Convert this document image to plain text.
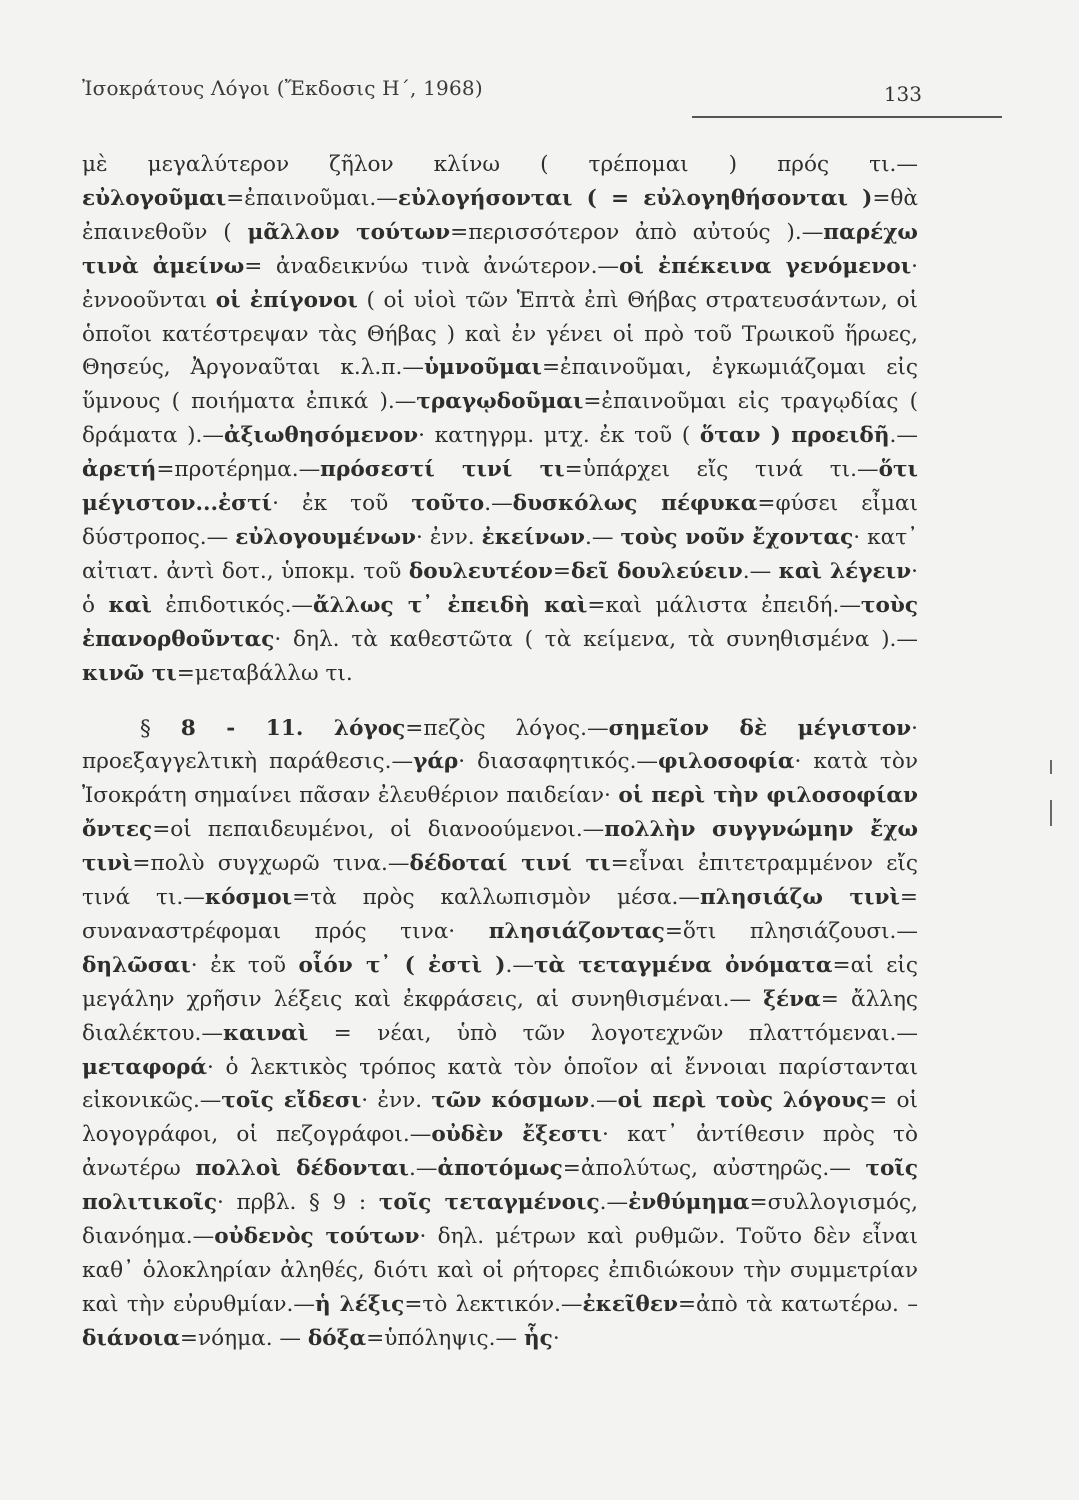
Ἰσοκράτους Λόγοι (Ἔκδοσις Η΄, 1968)	133

μὲ μεγαλύτερον ζῆλον κλίνω ( τρέπομαι ) πρός τι.—εὐλογοῦμαι=ἐπαινοῦμαι.—εὐλογήσονται ( = εὐλογηθήσονται )=θὰ ἐπαινεθοῦν ( μᾶλλον τούτων=περισσότερον ἀπὸ αὐτούς ).—παρέχω τινὰ ἀμείνω= ἀναδεικνύω τινὰ ἀνώτερον.—οἱ ἐπέκεινα γενόμενοι· ἐννοοῦνται οἱ ἐπίγονοι ( οἱ υἱοὶ τῶν Ἑπτὰ ἐπὶ Θήβας στρατευσάντων, οἱ ὁποῖοι κατέστρεψαν τὰς Θήβας ) καὶ ἐν γένει οἱ πρὸ τοῦ Τρωικοῦ ἥρωες, Θησεύς, Ἀργοναῦται κ.λ.π.—ὑμνοῦμαι=ἐπαινοῦμαι, ἐγκωμιάζομαι εἰς ὕμνους ( ποιήματα ἐπικά ).—τραγῳδοῦμαι=ἐπαινοῦμαι εἰς τραγῳδίας ( δράματα ).—ἀξιωθησόμενον· κατηγρμ. μτχ. ἐκ τοῦ ( ὅταν ) προειδῆ.— ἀρετή=προτέρημα.—πρόσεστί τινί τι=ὑπάρχει εἴς τινά τι.—ὅτι μέγιστον...ἐστί· ἐκ τοῦ τοῦτο.—δυσκόλως πέφυκα=φύσει εἶμαι δύστροπος.— εὐλογουμένων· ἐνν. ἐκείνων.— τοὺς νοῦν ἔχοντας· κατ᾿ αἰτιατ. ἀντὶ δοτ., ὑποκμ. τοῦ δουλευτέον=δεῖ δουλεύειν.— καὶ λέγειν· ὁ καὶ ἐπιδοτικός.—ἄλλως τ᾿ ἐπειδὴ καὶ=καὶ μάλιστα ἐπειδή.—τοὺς ἐπανορθοῦντας· δηλ. τὰ καθεστῶτα ( τὰ κείμενα, τὰ συνηθισμένα ).—κινῶ τι=μεταβάλλω τι.

§ 8 - 11. λόγος=πεζὸς λόγος.—σημεῖον δὲ μέγιστον· προεξαγγελτικὴ παράθεσις.—γάρ· διασαφητικός.—φιλοσοφία· κατὰ τὸν Ἰσοκράτη σημαίνει πᾶσαν ἐλευθέριον παιδείαν· οἱ περὶ τὴν φιλοσοφίαν ὄντες=οἱ πεπαιδευμένοι, οἱ διανοούμενοι.—πολλὴν συγγνώμην ἔχω τινὶ=πολὺ συγχωρῶ τινα.—δέδοταί τινί τι=εἶναι ἐπιτετραμμένον εἴς τινά τι.—κόσμοι=τὰ πρὸς καλλωπισμὸν μέσα.—πλησιάζω τινὶ= συναναστρέφομαι πρός τινα· πλησιάζοντας=ὅτι πλησιάζουσι.—δηλῶσαι· ἐκ τοῦ οἷόν τ᾿ ( ἐστὶ ).—τὰ τεταγμένα ὀνόματα=αἱ εἰς μεγάλην χρῆσιν λέξεις καὶ ἐκφράσεις, αἱ συνηθισμέναι.— ξένα= ἄλλης διαλέκτου.—καιναὶ = νέαι, ὑπὸ τῶν λογοτεχνῶν πλαττόμεναι.—μεταφορά· ὁ λεκτικὸς τρόπος κατὰ τὸν ὁποῖον αἱ ἔννοιαι παρίστανται εἰκονικῶς.—τοῖς εἴδεσι· ἐνν. τῶν κόσμων.—οἱ περὶ τοὺς λόγους= οἱ λογογράφοι, οἱ πεζογράφοι.—οὐδὲν ἔξεστι· κατ᾿ ἀντίθεσιν πρὸς τὸ ἀνωτέρω πολλοὶ δέδονται.—ἀποτόμως=ἀπολύτως, αὐστηρῶς.— τοῖς πολιτικοῖς· πρβλ. § 9 : τοῖς τεταγμένοις.—ἐνθύμημα=συλλογισμός, διανόημα.—οὐδενὸς τούτων· δηλ. μέτρων καὶ ρυθμῶν. Τοῦτο δὲν εἶναι καθ᾿ ὁλοκληρίαν ἀληθές, διότι καὶ οἱ ρήτορες ἐπιδιώκουν τὴν συμμετρίαν καὶ τὴν εὐρυθμίαν.—ἡ λέξις=τὸ λεκτικόν.—ἐκεῖθεν=ἀπὸ τὰ κατωτέρω. – διάνοια=νόημα. — δόξα=ὑπόληψις.— ἧς·
